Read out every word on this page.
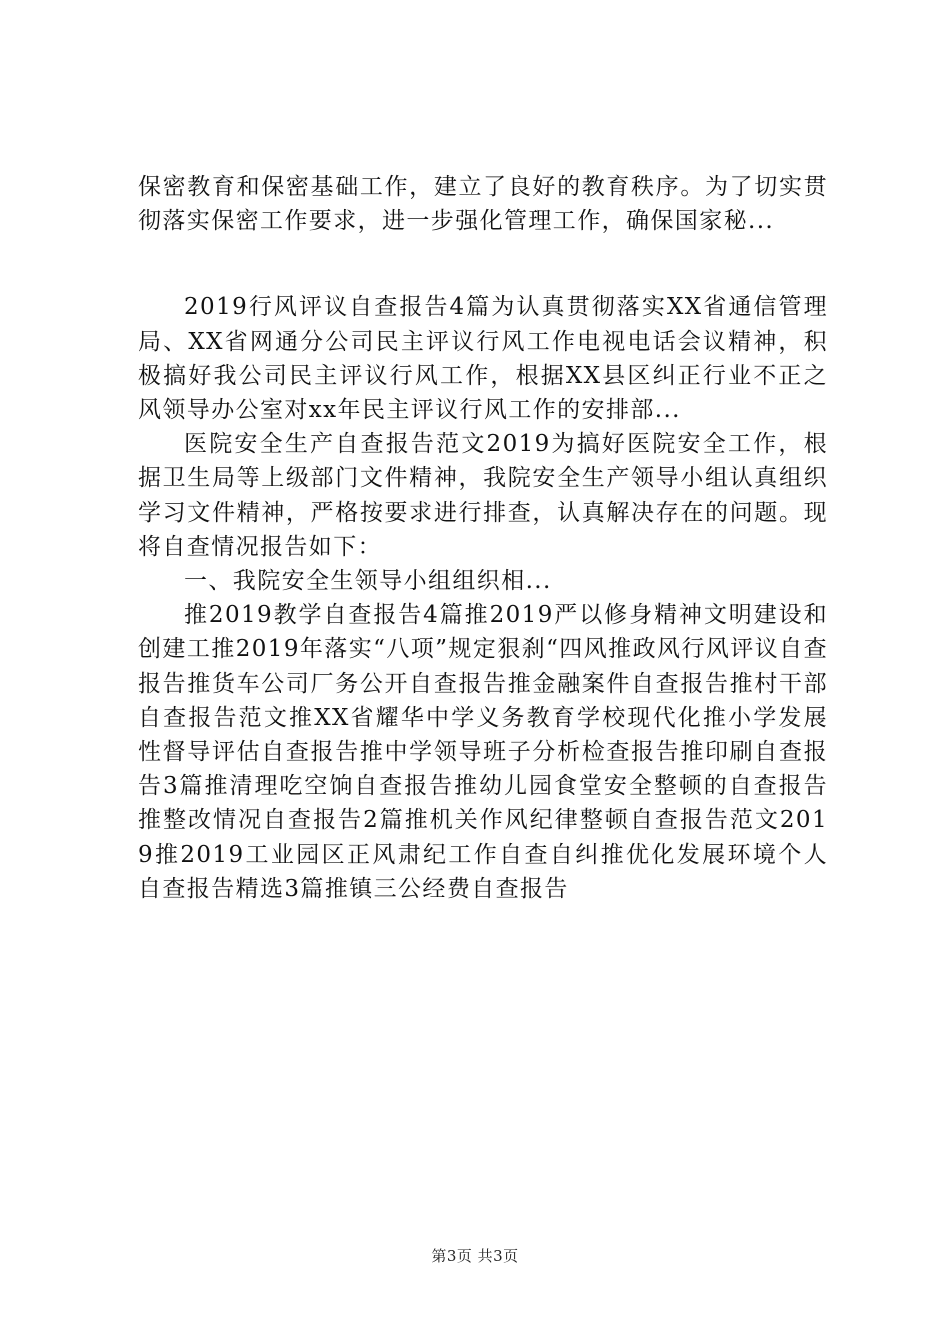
保密教育和保密基础工作，建立了良好的教育秩序。为了切实贯彻落实保密工作要求，进一步强化管理工作，确保国家秘...

2019行风评议自查报告4篇为认真贯彻落实XX省通信管理局、XX省网通分公司民主评议行风工作电视电话会议精神，积极搞好我公司民主评议行风工作，根据XX县区纠正行业不正之风领导办公室对xx年民主评议行风工作的安排部...

医院安全生产自查报告范文2019为搞好医院安全工作，根据卫生局等上级部门文件精神，我院安全生产领导小组认真组织学习文件精神，严格按要求进行排查，认真解决存在的问题。现将自查情况报告如下：

一、我院安全生领导小组组织相...

推2019教学自查报告4篇推2019严以修身精神文明建设和创建工推2019年落实“八项”规定狠刹“四风推政风行风评议自查报告推货车公司厂务公开自查报告推金融案件自查报告推村干部自查报告范文推XX省耀华中学义务教育学校现代化推小学发展性督导评估自查报告推中学领导班子分析检查报告推印刷自查报告3篇推清理吃空饷自查报告推幼儿园食堂安全整顿的自查报告推整改情况自查报告2篇推机关作风纪律整顿自查报告范文2019推2019工业园区正风肃纪工作自查自纠推优化发展环境个人自查报告精选3篇推镇三公经费自查报告

第3页 共3页
